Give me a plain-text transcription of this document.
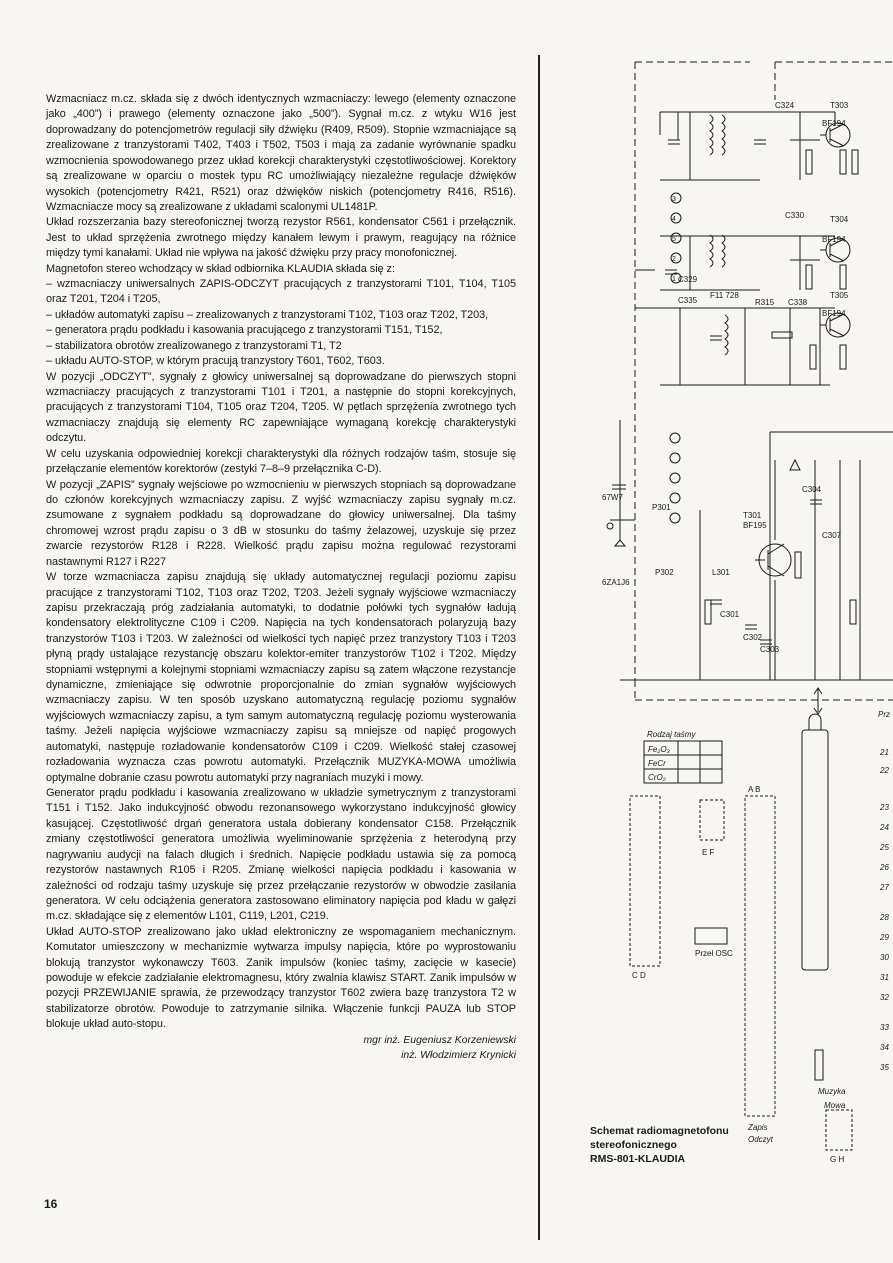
Wzmacniacz m.cz. składa się z dwóch identycznych wzmacniaczy: lewego (elementy oznaczone jako „400”) i prawego (elementy oznaczone jako „500”). Sygnał m.cz. z wtyku W16 jest doprowadzany do potencjometrów regulacji siły dźwięku (R409, R509). Stopnie wzmacniające są zrealizowane z tranzystorami T402, T403 i T502, T503 i mają za zadanie wyrównanie spadku wzmocnienia spowodowanego przez układ korekcji charakterystyki częstotliwościowej. Korektory są zrealizowane w oparciu o mostek typu RC umożliwiający niezależne regulacje dźwięków wysokich (potencjometry R421, R521) oraz dźwięków niskich (potencjometry R416, R516). Wzmacniacze mocy są zrealizowane z układami scalonymi UL1481P.

Układ rozszerzania bazy stereofonicznej tworzą rezystor R561, kondensator C561 i przełącznik. Jest to układ sprzężenia zwrotnego między kanałem lewym i prawym, reagujący na różnice między tymi kanałami. Układ nie wpływa na jakość dźwięku przy pracy monofonicznej.

Magnetofon stereo wchodzący w skład odbiornika KLAUDIA składa się z:

– wzmacniaczy uniwersalnych ZAPIS-ODCZYT pracujących z tranzystorami T101, T104, T105 oraz T201, T204 i T205,

– układów automatyki zapisu – zrealizowanych z tranzystorami T102, T103 oraz T202, T203,

– generatora prądu podkładu i kasowania pracującego z tranzystorami T151, T152,

– stabilizatora obrotów zrealizowanego z tranzystorami T1, T2

– układu AUTO-STOP, w którym pracują tranzystory T601, T602, T603.

W pozycji „ODCZYT”, sygnały z głowicy uniwersalnej są doprowadzane do pierwszych stopni wzmacniaczy pracujących z tranzystorami T101 i T201, a następnie do stopni korekcyjnych, pracujących z tranzystorami T104, T105 oraz T204, T205. W pętlach sprzężenia zwrotnego tych wzmacniaczy znajdują się elementy RC zapewniające wymaganą korekcję charakterystyki odczytu.

W celu uzyskania odpowiedniej korekcji charakterystyki dla różnych rodzajów taśm, stosuje się przełączanie elementów korektorów (zestyki 7–8–9 przełącznika C-D).

W pozycji „ZAPIS” sygnały wejściowe po wzmocnieniu w pierwszych stopniach są doprowadzane do członów korekcyjnych wzmacniaczy zapisu. Z wyjść wzmacniaczy zapisu sygnały m.cz. zsumowane z sygnałem podkładu są doprowadzane do głowicy uniwersalnej. Dla taśmy chromowej wzrost prądu zapisu o 3 dB w stosunku do taśmy żelazowej, uzyskuje się przez zwarcie rezystorów R128 i R228. Wielkość prądu zapisu można regulować rezystorami nastawnymi R127 i R227

W torze wzmacniacza zapisu znajdują się układy automatycznej regulacji poziomu zapisu pracujące z tranzystorami T102, T103 oraz T202, T203. Jeżeli sygnały wyjściowe wzmacniaczy zapisu przekraczają próg zadziałania automatyki, to dodatnie połówki tych sygnałów ładują kondensatory elektrolityczne C109 i C209. Napięcia na tych kondensatorach polaryzują bazy tranzystorów T103 i T203. W zależności od wielkości tych napięć przez tranzystory T103 i T203 płyną prądy ustalające rezystancję obszaru kolektor-emiter tranzystorów T102 i T202. Między stopniami wstępnymi a kolejnymi stopniami wzmacniaczy zapisu są zatem włączone rezystancje dynamiczne, zmieniające się odwrotnie proporcjonalnie do zmian sygnałów wyjściowych wzmacniaczy zapisu. W ten sposób uzyskano automatyczną regulację poziomu sygnałów wyjściowych wzmacniaczy zapisu, a tym samym automatyczną regulację poziomu wysterowania taśmy. Jeżeli napięcia wyjściowe wzmacniaczy zapisu są mniejsze od napięć progowych automatyki, następuje rozładowanie kondensatorów C109 i C209. Wielkość stałej czasowej rozładowania wyznacza czas powrotu automatyki. Przełącznik MUZYKA-MOWA umożliwia optymalne dobranie czasu powrotu automatyki przy nagraniach muzyki i mowy.

Generator prądu podkładu i kasowania zrealizowano w układzie symetrycznym z tranzystorami T151 i T152. Jako indukcyjność obwodu rezonansowego wykorzystano indukcyjność głowicy kasującej. Częstotliwość drgań generatora ustala dobierany kondensator C158. Przełącznik zmiany częstotliwości generatora umożliwia wyeliminowanie sprzężenia z heterodyną przy nagrywaniu audycji na falach długich i średnich. Napięcie podkładu ustawia się za pomocą rezystorów nastawnych R105 i R205. Zmianę wielkości napięcia podkładu i kasowania w zależności od rodzaju taśmy uzyskuje się przez przełączanie rezystorów w obwodzie zasilania generatora. W celu odciążenia generatora zastosowano eliminatory napięcia pod kładu w gałęzi m.cz. składające się z elementów L101, C119, L201, C219.

Układ AUTO-STOP zrealizowano jako układ elektroniczny ze wspomaganiem mechanicznym. Komutator umieszczony w mechanizmie wytwarza impulsy napięcia, które po wyprostowaniu blokują tranzystor wykonawczy T603. Zanik impulsów (koniec taśmy, zacięcie w kasecie) powoduje w efekcie zadziałanie elektromagnesu, który zwalnia klawisz START. Zanik impulsów w pozycji PRZEWIJANIE sprawia, że przewodzący tranzystor T602 zwiera bazę tranzystora T2 w stabilizatorze obrotów. Powoduje to zatrzymanie silnika. Włączenie funkcji PAUZA lub STOP blokuje układ auto-stopu.

mgr inż. Eugeniusz Korzeniewski
inż. Włodzimierz Krynicki
16
T303
BF194
T304
BF194
T305
BF194
T301
BF195
C324
C330
F11 728
R315 C338
C335
C329
C304
C307
L301
C301
C302
C303
P301
P302
67W7
6ZA1J6
3
4
5
2
1
Rodzaj taśmy
Fe₂O₃
FeCr
CrO₂
C D
E F
Przeł OSC
A B
Zapis
Odczyt
Muzyka
Mowa
G H
Prz
21
22
23
24
25
26
27
28
29
30
31
32
33
34
35
Schemat radiomagnetofonu
stereofonicznego
RMS-801-KLAUDIA
